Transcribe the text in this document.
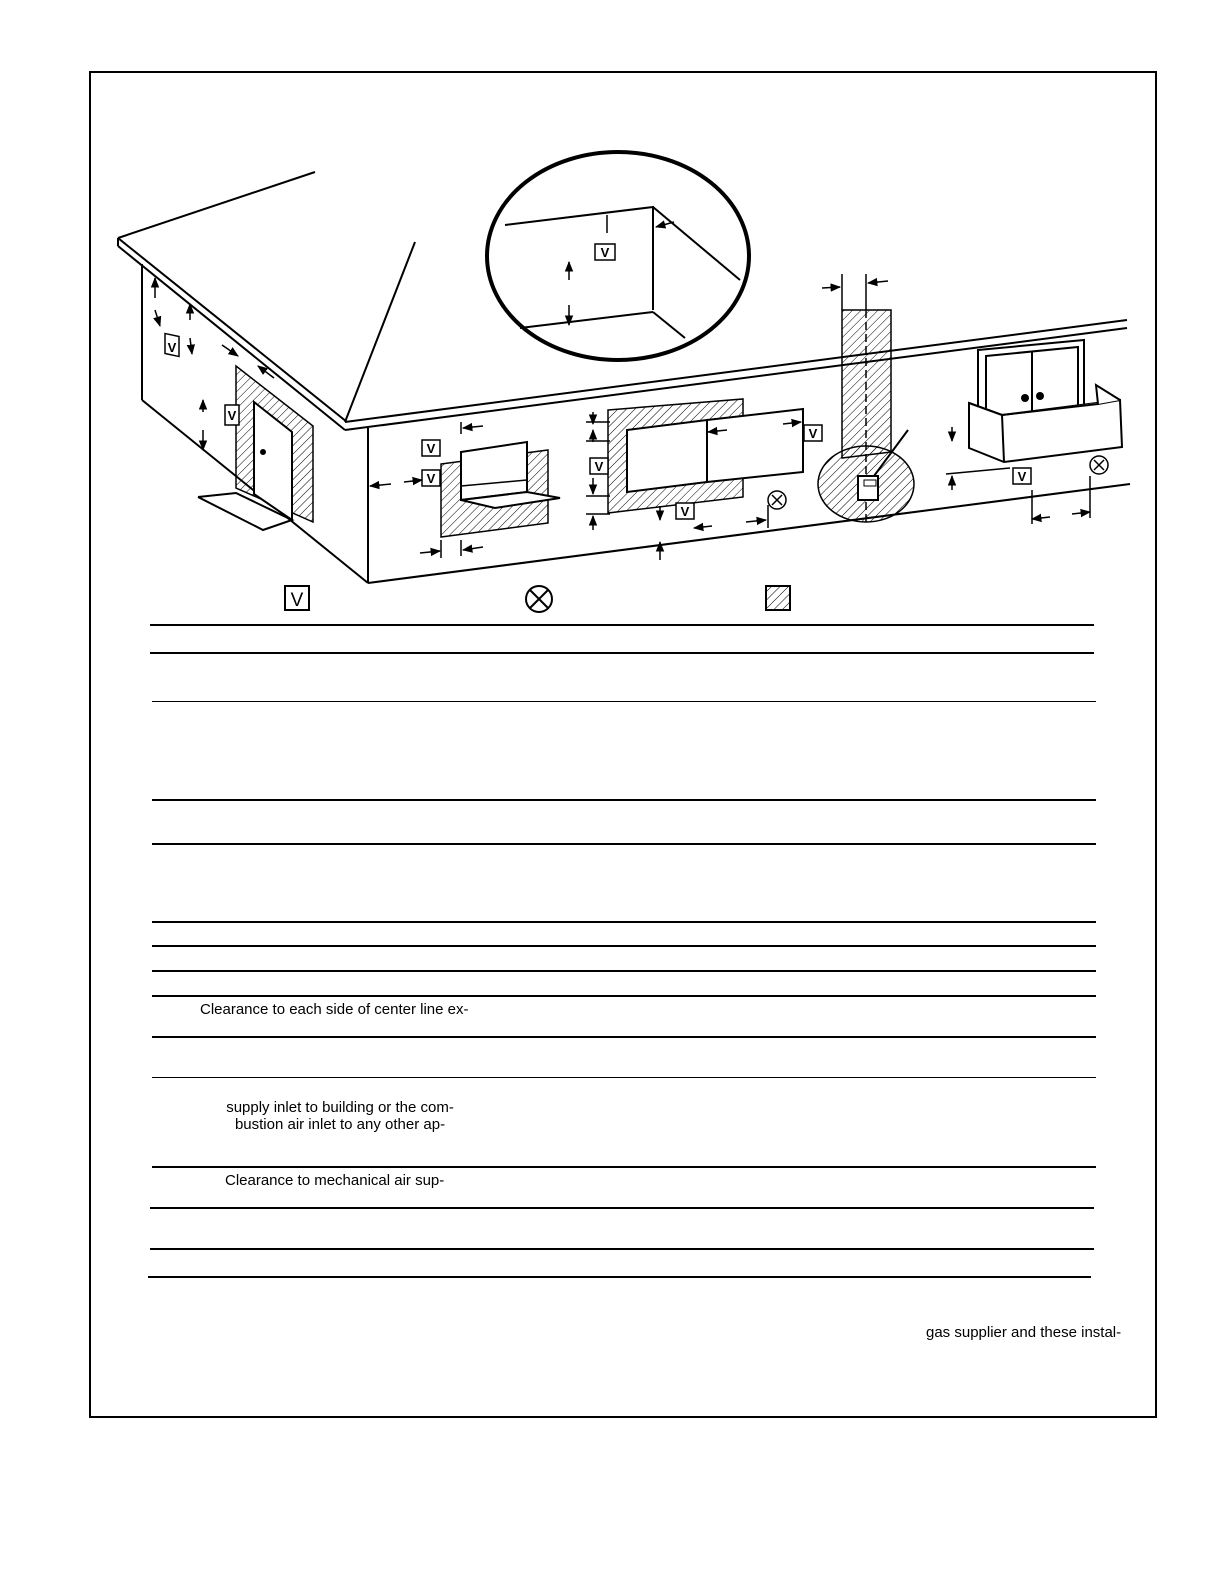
V
V
V
V
V
V
V
V
V
V
Clearance to each side of center line ex-
supply inlet to building or the com-
bustion air inlet to any other ap-
Clearance to mechanical air sup-
gas supplier and these instal-
